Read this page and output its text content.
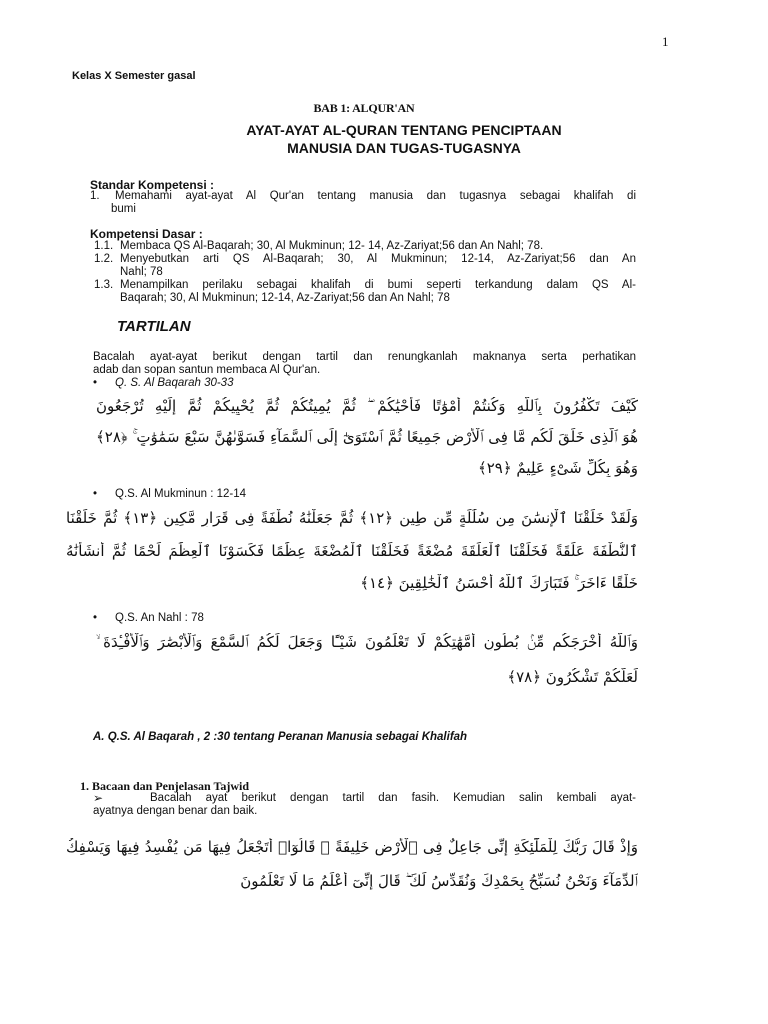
1
Kelas X Semester gasal
BAB 1: ALQUR'AN
AYAT-AYAT AL-QURAN TENTANG PENCIPTAAN
MANUSIA DAN TUGAS-TUGASNYA
Standar Kompetensi :
1.	Memahami ayat-ayat Al Qur'an tentang manusia dan tugasnya sebagai khalifah di
bumi
Kompetensi Dasar :
1.1. Membaca QS Al-Baqarah; 30, Al Mukminun; 12- 14, Az-Zariyat;56 dan An Nahl; 78.
1.2. Menyebutkan arti QS Al-Baqarah; 30, Al Mukminun; 12-14, Az-Zariyat;56 dan An
Nahl; 78
1.3. Menampilkan perilaku sebagai khalifah di bumi seperti terkandung dalam QS Al-
Baqarah; 30, Al Mukminun; 12-14, Az-Zariyat;56 dan An Nahl; 78
TARTILAN
Bacalah ayat-ayat berikut dengan tartil dan renungkanlah maknanya serta perhatikan
adab dan sopan santun membaca Al Qur'an.
• Q. S. Al Baqarah 30-33
كَيْفَ تَكْفُرُونَ بِٱللَّهِ وَكُنتُمْ أَمْوَٰتًا فَأَحْيَٰكُمْ ۖ ثُمَّ يُمِيتُكُمْ ثُمَّ يُحْيِيكُمْ ثُمَّ إِلَيْهِ تُرْجَعُونَ
هُوَ ٱلَّذِى خَلَقَ لَكُم مَّا فِى ٱلْأَرْضِ جَمِيعًا ثُمَّ ٱسْتَوَىٰٓ إِلَى ٱلسَّمَآءِ فَسَوَّىٰهُنَّ سَبْعَ سَمَٰوَٰتٍ ۚ ﴿٢٨﴾
وَهُوَ بِكُلِّ شَىْءٍ عَلِيمٌ ﴿٢٩﴾
• Q.S. Al Mukminun : 12-14
وَلَقَدْ خَلَقْنَا ٱلْإِنسَٰنَ مِن سُلَٰلَةٍ مِّن طِينٍ ﴿١٢﴾ ثُمَّ جَعَلْنَٰهُ نُطْفَةً فِى قَرَارٍ مَّكِينٍ ﴿١٣﴾ ثُمَّ خَلَقْنَا
ٱلنُّطْفَةَ عَلَقَةً فَخَلَقْنَا ٱلْعَلَقَةَ مُضْغَةً فَخَلَقْنَا ٱلْمُضْغَةَ عِظَٰمًا فَكَسَوْنَا ٱلْعِظَٰمَ لَحْمًا ثُمَّ أَنشَأْنَٰهُ
خَلْقًا ءَاخَرَ ۚ فَتَبَارَكَ ٱللَّهُ أَحْسَنُ ٱلْخَٰلِقِينَ ﴿١٤﴾
• Q.S. An Nahl : 78
وَٱللَّهُ أَخْرَجَكُم مِّنۢ بُطُونِ أُمَّهَٰتِكُمْ لَا تَعْلَمُونَ شَيْـًٔا وَجَعَلَ لَكُمُ ٱلسَّمْعَ وَٱلْأَبْصَٰرَ وَٱلْأَفْـِٔدَةَ ۙ
لَعَلَّكُمْ تَشْكُرُونَ ﴿٧٨﴾
A. Q.S. Al Baqarah , 2 :30 tentang Peranan Manusia sebagai Khalifah
1. Bacaan dan Penjelasan Tajwid
➢	Bacalah ayat berikut dengan tartil dan fasih. Kemudian salin kembali ayat-
ayatnya dengan benar dan baik.
وَإِذْ قَالَ رَبُّكَ لِلْمَلَٰٓئِكَةِ إِنِّى جَاعِلٌ فِى ٱلْأَرْضِ خَلِيفَةً ۖ قَالُوٓا۟ أَتَجْعَلُ فِيهَا مَن يُفْسِدُ فِيهَا وَيَسْفِكُ
ٱلدِّمَآءَ وَنَحْنُ نُسَبِّحُ بِحَمْدِكَ وَنُقَدِّسُ لَكَ ۖ قَالَ إِنِّىٓ أَعْلَمُ مَا لَا تَعْلَمُونَ
